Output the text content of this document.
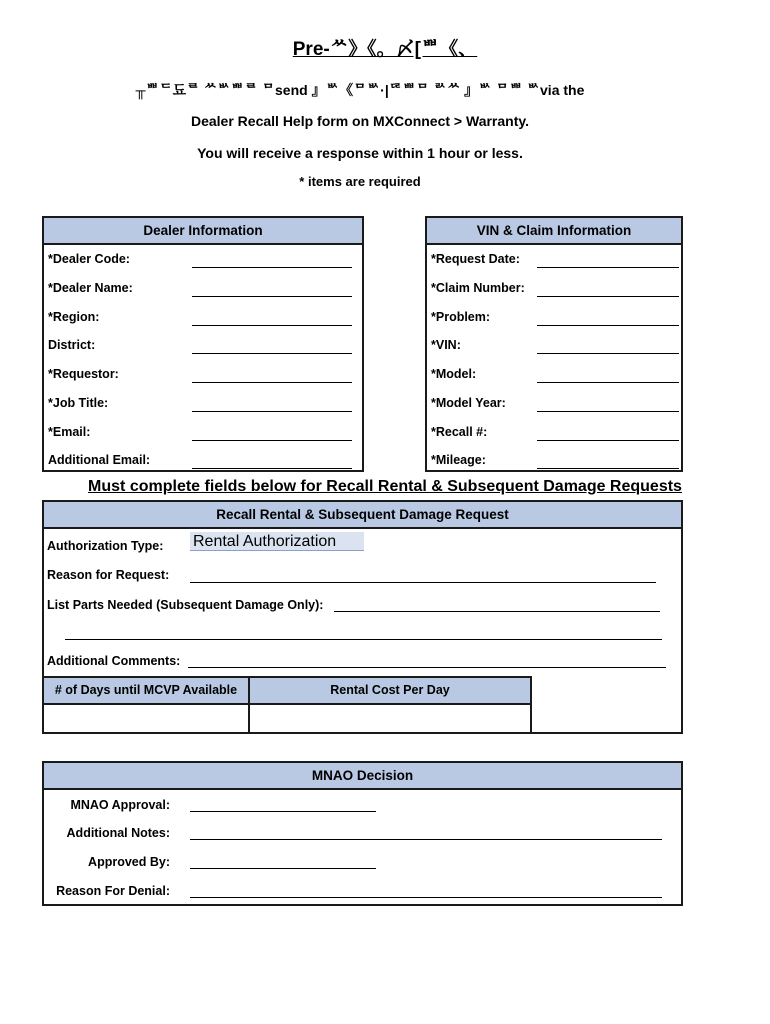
Pre-ᄊ》《。〆[ᄈ《、
╥ᄈᄃ됴ᄅ ᄊᄡᄈᄅ ᄆsend 』ᄡ《ᄆᄡ·|ᄃᄅᄈᄆ ᄅᄉᄊ 』ᄡ ᄆᄈ ᄡvia the
Dealer Recall Help form on MXConnect > Warranty.
You will receive a response within 1 hour or less.
* items are required
Dealer Information
*Dealer Code:
*Dealer Name:
*Region:
District:
*Requestor:
*Job Title:
*Email:
Additional Email:
VIN & Claim Information
*Request Date:
*Claim Number:
*Problem:
*VIN:
*Model:
*Model Year:
*Recall #:
*Mileage:
Must complete fields below for Recall Rental & Subsequent Damage Requests
Recall Rental & Subsequent Damage Request
Authorization Type: Rental Authorization
Reason for Request:
List Parts Needed (Subsequent Damage Only):
Additional Comments:
# of Days until MCVP Available	Rental Cost Per Day
MNAO Decision
MNAO Approval:
Additional Notes:
Approved By:
Reason For Denial:
